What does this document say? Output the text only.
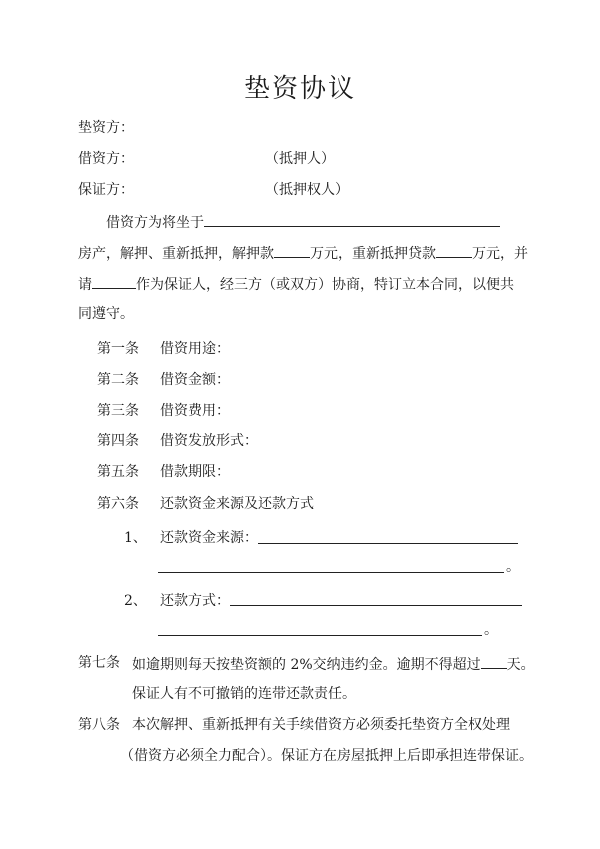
垫资协议
垫资方：
借资方：	（抵押人）
保证方：	（抵押权人）
借资方为将坐于
房产，解押、重新抵押，解押款	万元，重新抵押贷款	万元，并
请	作为保证人，经三方（或双方）协商，特订立本合同，以便共
同遵守。
第一条 借资用途：
第二条 借资金额：
第三条 借资费用：
第四条 借资发放形式：
第五条 借款期限：
第六条 还款资金来源及还款方式
1、 还款资金来源：
。
2、 还款方式：
。
第七条 如逾期则每天按垫资额的 2%交纳违约金。逾期不得超过 天。
保证人有不可撤销的连带还款责任。
第八条 本次解押、重新抵押有关手续借资方必须委托垫资方全权处理
（借资方必须全力配合）。保证方在房屋抵押上后即承担连带保证。
